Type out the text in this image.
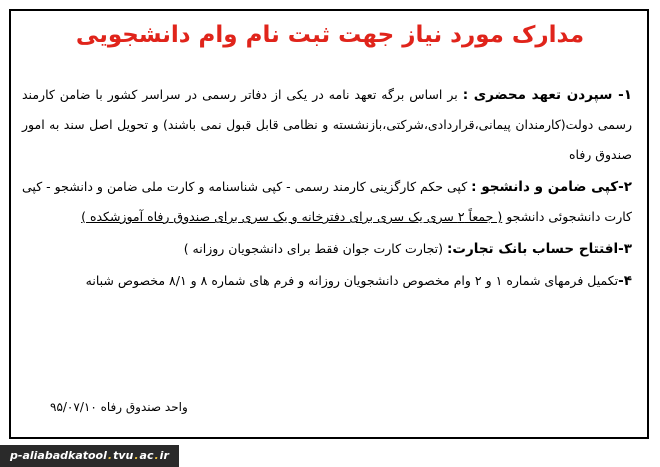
مدارک مورد نیاز جهت ثبت نام وام دانشجویی

۱- سپردن تعهد محضری : بر اساس برگه تعهد نامه در یکی از دفاتر رسمی در سراسر کشور با ضامن کارمند رسمی دولت(کارمندان پیمانی،قراردادی،شرکتی،بازنشسته و نظامی قابل قبول نمی باشند) و تحویل اصل سند به امور صندوق رفاه

۲-کپی ضامن و دانشجو : کپی حکم کارگزینی کارمند رسمی - کپی شناسنامه و کارت ملی ضامن و دانشجو - کپی کارت دانشجوئی دانشجو ( جمعاً ۲ سری یک سری برای دفترخانه و یک سری برای صندوق رفاه آموزشکده )

۳-افتتاح حساب بانک تجارت: (تجارت کارت جوان فقط برای دانشجویان روزانه )

۴-تکمیل فرمهای شماره ۱ و ۲ وام مخصوص دانشجویان روزانه و فرم های شماره ۸ و ۸/۱ مخصوص شبانه

واحد صندوق رفاه ۹۵/۰۷/۱۰
p-aliabadkatool . tvu . ac . ir
